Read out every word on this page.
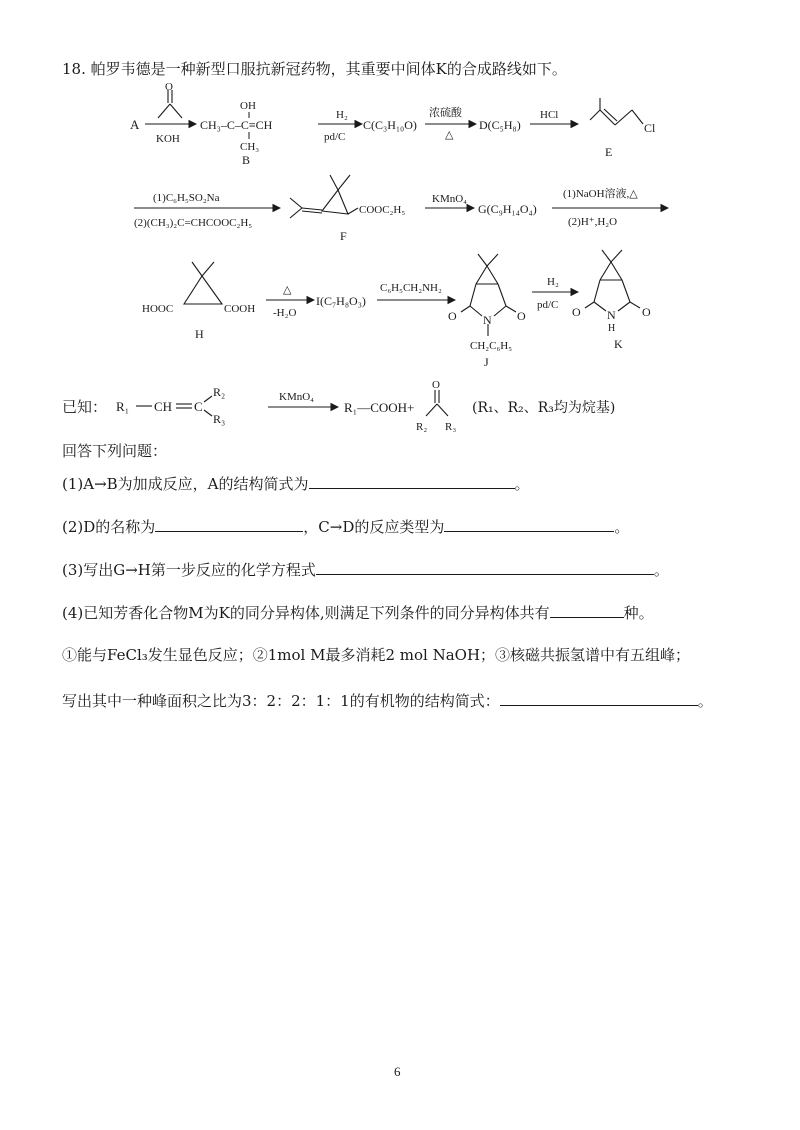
18. 帕罗韦德是一种新型口服抗新冠药物，其重要中间体K的合成路线如下。
A
O
KOH
OH
CH₃–C–C≡CH
CH₃
B
H₂
pd/C
C(C₃H₁₀O)
浓硫酸
△
D(C₅H₈)
HCl
Cl
E
(1)C₆H₅SO₂Na
(2)(CH₃)₂C=CHCOOC₂H₅
COOC₂H₅
F
KMnO₄
G(C₉H₁₄O₄)
(1)NaOH溶液,△
(2)H⁺,H₂O
HOOC	COOH
H
△
-H₂O
I(C₇H₈O₃)
C₆H₅CH₂NH₂
O	O
N
CH₂C₆H₅
J
H₂
pd/C O	O
N
H
K
已知： R₁ CH C
R₂
R₃
KMnO₄
R₁—COOH+
O
R₂ R₃
(R₁、R₂、R₃均为烷基)
回答下列问题：
(1)A→B为加成反应，A的结构简式为	。
(2)D的名称为	，C→D的反应类型为	。
(3)写出G→H第一步反应的化学方程式	。
(4)已知芳香化合物M为K的同分异构体,则满足下列条件的同分异构体共有	种。
①能与FeCl₃发生显色反应；②1mol M最多消耗2 mol NaOH；③核磁共振氢谱中有五组峰；
写出其中一种峰面积之比为3：2：2：1：1的有机物的结构简式：	。
6
